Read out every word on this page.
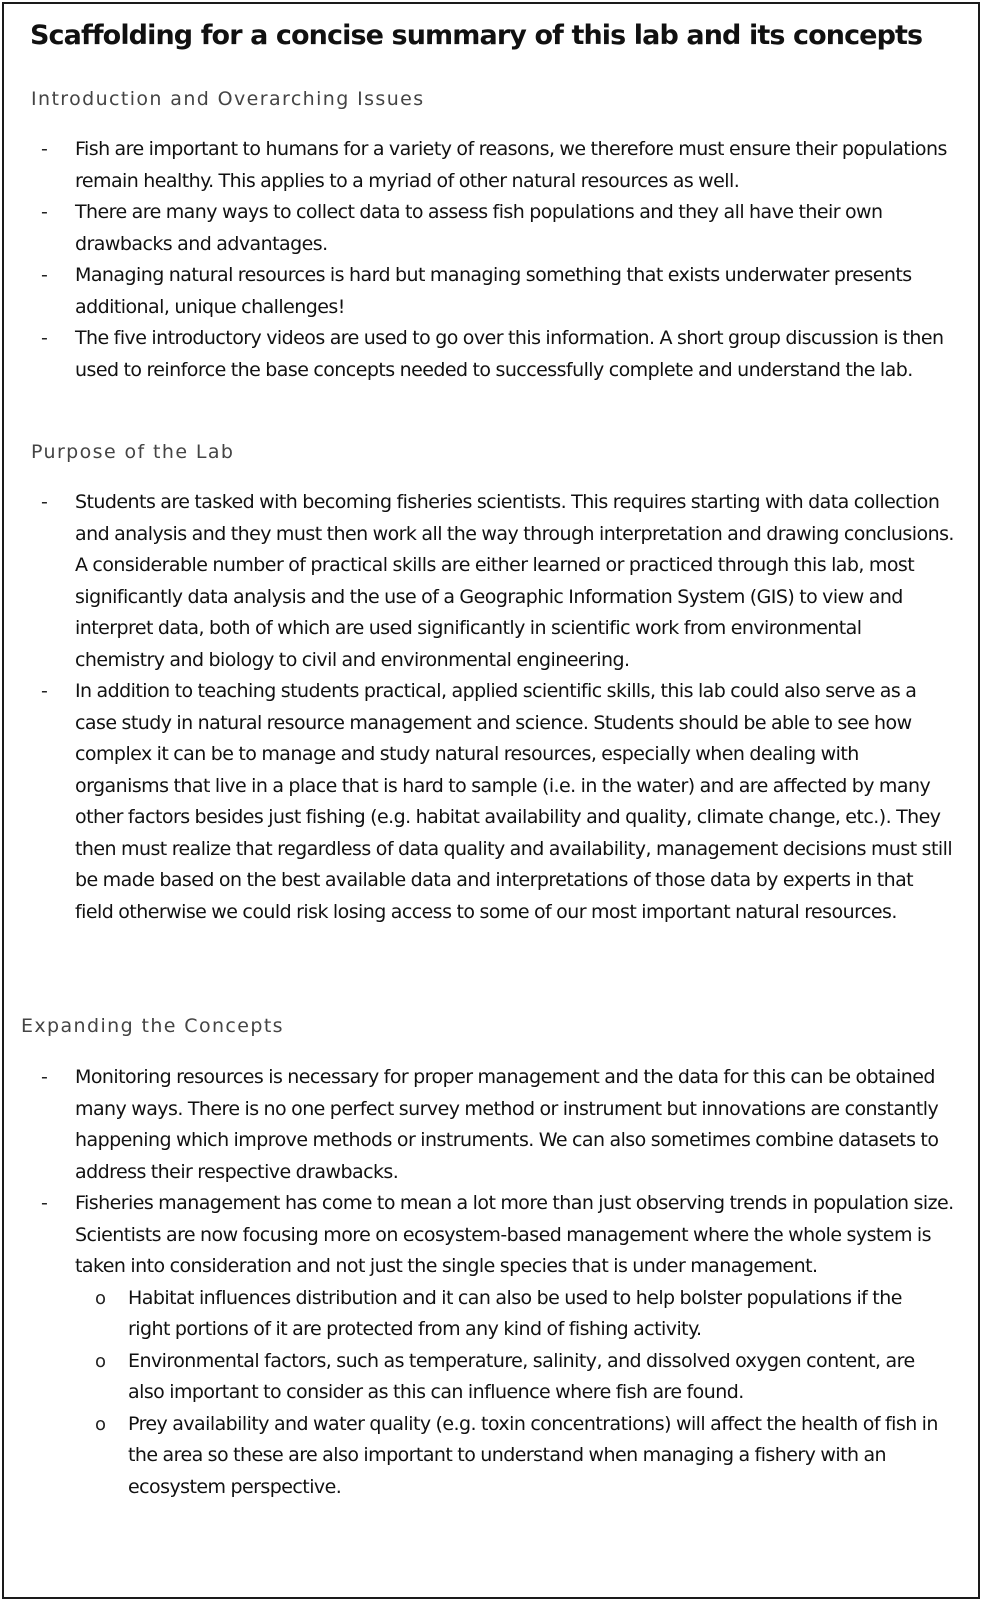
Scaffolding for a concise summary of this lab and its concepts
Introduction and Overarching Issues
- Fish are important to humans for a variety of reasons, we therefore must ensure their populations remain healthy. This applies to a myriad of other natural resources as well.
- There are many ways to collect data to assess fish populations and they all have their own drawbacks and advantages.
- Managing natural resources is hard but managing something that exists underwater presents additional, unique challenges!
- The five introductory videos are used to go over this information. A short group discussion is then used to reinforce the base concepts needed to successfully complete and understand the lab.
Purpose of the Lab
- Students are tasked with becoming fisheries scientists. This requires starting with data collection and analysis and they must then work all the way through interpretation and drawing conclusions. A considerable number of practical skills are either learned or practiced through this lab, most significantly data analysis and the use of a Geographic Information System (GIS) to view and interpret data, both of which are used significantly in scientific work from environmental chemistry and biology to civil and environmental engineering.
- In addition to teaching students practical, applied scientific skills, this lab could also serve as a case study in natural resource management and science. Students should be able to see how complex it can be to manage and study natural resources, especially when dealing with organisms that live in a place that is hard to sample (i.e. in the water) and are affected by many other factors besides just fishing (e.g. habitat availability and quality, climate change, etc.). They then must realize that regardless of data quality and availability, management decisions must still be made based on the best available data and interpretations of those data by experts in that field otherwise we could risk losing access to some of our most important natural resources.
Expanding the Concepts
- Monitoring resources is necessary for proper management and the data for this can be obtained many ways. There is no one perfect survey method or instrument but innovations are constantly happening which improve methods or instruments. We can also sometimes combine datasets to address their respective drawbacks.
- Fisheries management has come to mean a lot more than just observing trends in population size. Scientists are now focusing more on ecosystem-based management where the whole system is taken into consideration and not just the single species that is under management.
o Habitat influences distribution and it can also be used to help bolster populations if the right portions of it are protected from any kind of fishing activity.
o Environmental factors, such as temperature, salinity, and dissolved oxygen content, are also important to consider as this can influence where fish are found.
o Prey availability and water quality (e.g. toxin concentrations) will affect the health of fish in the area so these are also important to understand when managing a fishery with an ecosystem perspective.
